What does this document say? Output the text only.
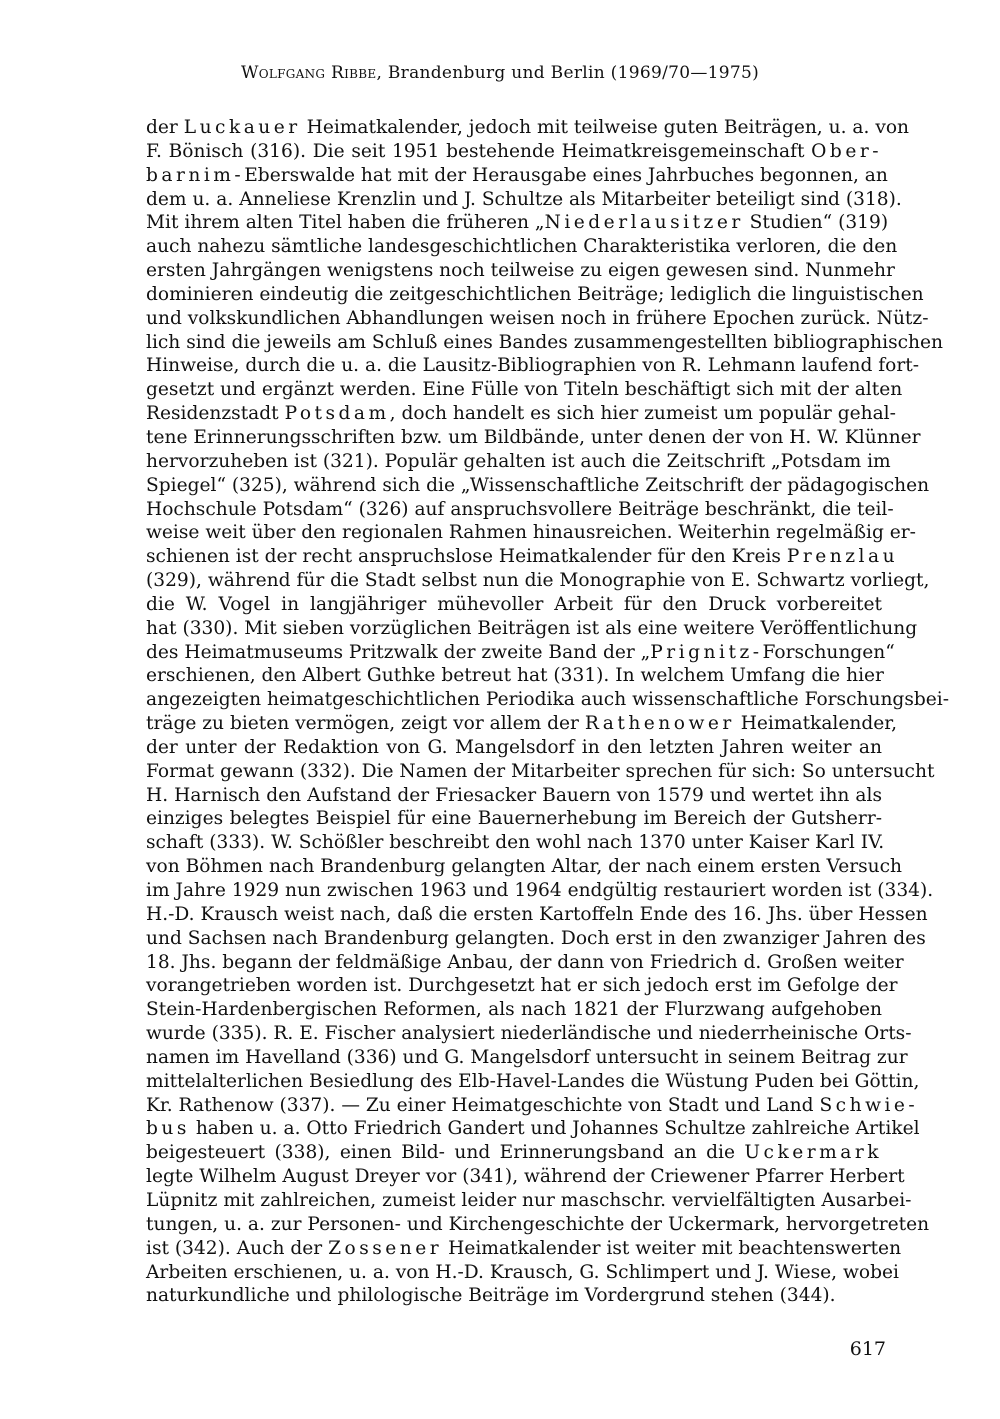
Wolfgang Ribbe, Brandenburg und Berlin (1969/70—1975)
der Luckauer Heimatkalender, jedoch mit teilweise guten Beiträgen, u. a. von
F. Bönisch (316). Die seit 1951 bestehende Heimatkreisgemeinschaft Ober-
barnim-Eberswalde hat mit der Herausgabe eines Jahrbuches begonnen, an
dem u. a. Anneliese Krenzlin und J. Schultze als Mitarbeiter beteiligt sind (318).
Mit ihrem alten Titel haben die früheren „Niederlausitzer Studien“ (319)
auch nahezu sämtliche landesgeschichtlichen Charakteristika verloren, die den
ersten Jahrgängen wenigstens noch teilweise zu eigen gewesen sind. Nunmehr
dominieren eindeutig die zeitgeschichtlichen Beiträge; lediglich die linguistischen
und volkskundlichen Abhandlungen weisen noch in frühere Epochen zurück. Nütz-
lich sind die jeweils am Schluß eines Bandes zusammengestellten bibliographischen
Hinweise, durch die u. a. die Lausitz-Bibliographien von R. Lehmann laufend fort-
gesetzt und ergänzt werden. Eine Fülle von Titeln beschäftigt sich mit der alten
Residenzstadt Potsdam, doch handelt es sich hier zumeist um populär gehal-
tene Erinnerungsschriften bzw. um Bildbände, unter denen der von H. W. Klünner
hervorzuheben ist (321). Populär gehalten ist auch die Zeitschrift „Potsdam im
Spiegel“ (325), während sich die „Wissenschaftliche Zeitschrift der pädagogischen
Hochschule Potsdam“ (326) auf anspruchsvollere Beiträge beschränkt, die teil-
weise weit über den regionalen Rahmen hinausreichen. Weiterhin regelmäßig er-
schienen ist der recht anspruchslose Heimatkalender für den Kreis Prenzlau
(329), während für die Stadt selbst nun die Monographie von E. Schwartz vorliegt,
die W. Vogel in langjähriger mühevoller Arbeit für den Druck vorbereitet
hat (330). Mit sieben vorzüglichen Beiträgen ist als eine weitere Veröffentlichung
des Heimatmuseums Pritzwalk der zweite Band der „Prignitz-Forschungen“
erschienen, den Albert Guthke betreut hat (331). In welchem Umfang die hier
angezeigten heimatgeschichtlichen Periodika auch wissenschaftliche Forschungsbei-
träge zu bieten vermögen, zeigt vor allem der Rathenower Heimatkalender,
der unter der Redaktion von G. Mangelsdorf in den letzten Jahren weiter an
Format gewann (332). Die Namen der Mitarbeiter sprechen für sich: So untersucht
H. Harnisch den Aufstand der Friesacker Bauern von 1579 und wertet ihn als
einziges belegtes Beispiel für eine Bauernerhebung im Bereich der Gutsherr-
schaft (333). W. Schößler beschreibt den wohl nach 1370 unter Kaiser Karl IV.
von Böhmen nach Brandenburg gelangten Altar, der nach einem ersten Versuch
im Jahre 1929 nun zwischen 1963 und 1964 endgültig restauriert worden ist (334).
H.-D. Krausch weist nach, daß die ersten Kartoffeln Ende des 16. Jhs. über Hessen
und Sachsen nach Brandenburg gelangten. Doch erst in den zwanziger Jahren des
18. Jhs. begann der feldmäßige Anbau, der dann von Friedrich d. Großen weiter
vorangetrieben worden ist. Durchgesetzt hat er sich jedoch erst im Gefolge der
Stein-Hardenbergischen Reformen, als nach 1821 der Flurzwang aufgehoben
wurde (335). R. E. Fischer analysiert niederländische und niederrheinische Orts-
namen im Havelland (336) und G. Mangelsdorf untersucht in seinem Beitrag zur
mittelalterlichen Besiedlung des Elb-Havel-Landes die Wüstung Puden bei Göttin,
Kr. Rathenow (337). — Zu einer Heimatgeschichte von Stadt und Land Schwie-
bus haben u. a. Otto Friedrich Gandert und Johannes Schultze zahlreiche Artikel
beigesteuert (338), einen Bild- und Erinnerungsband an die Uckermark
legte Wilhelm August Dreyer vor (341), während der Criewener Pfarrer Herbert
Lüpnitz mit zahlreichen, zumeist leider nur maschschr. vervielfältigten Ausarbei-
tungen, u. a. zur Personen- und Kirchengeschichte der Uckermark, hervorgetreten
ist (342). Auch der Zossener Heimatkalender ist weiter mit beachtenswerten
Arbeiten erschienen, u. a. von H.-D. Krausch, G. Schlimpert und J. Wiese, wobei
naturkundliche und philologische Beiträge im Vordergrund stehen (344).
617
